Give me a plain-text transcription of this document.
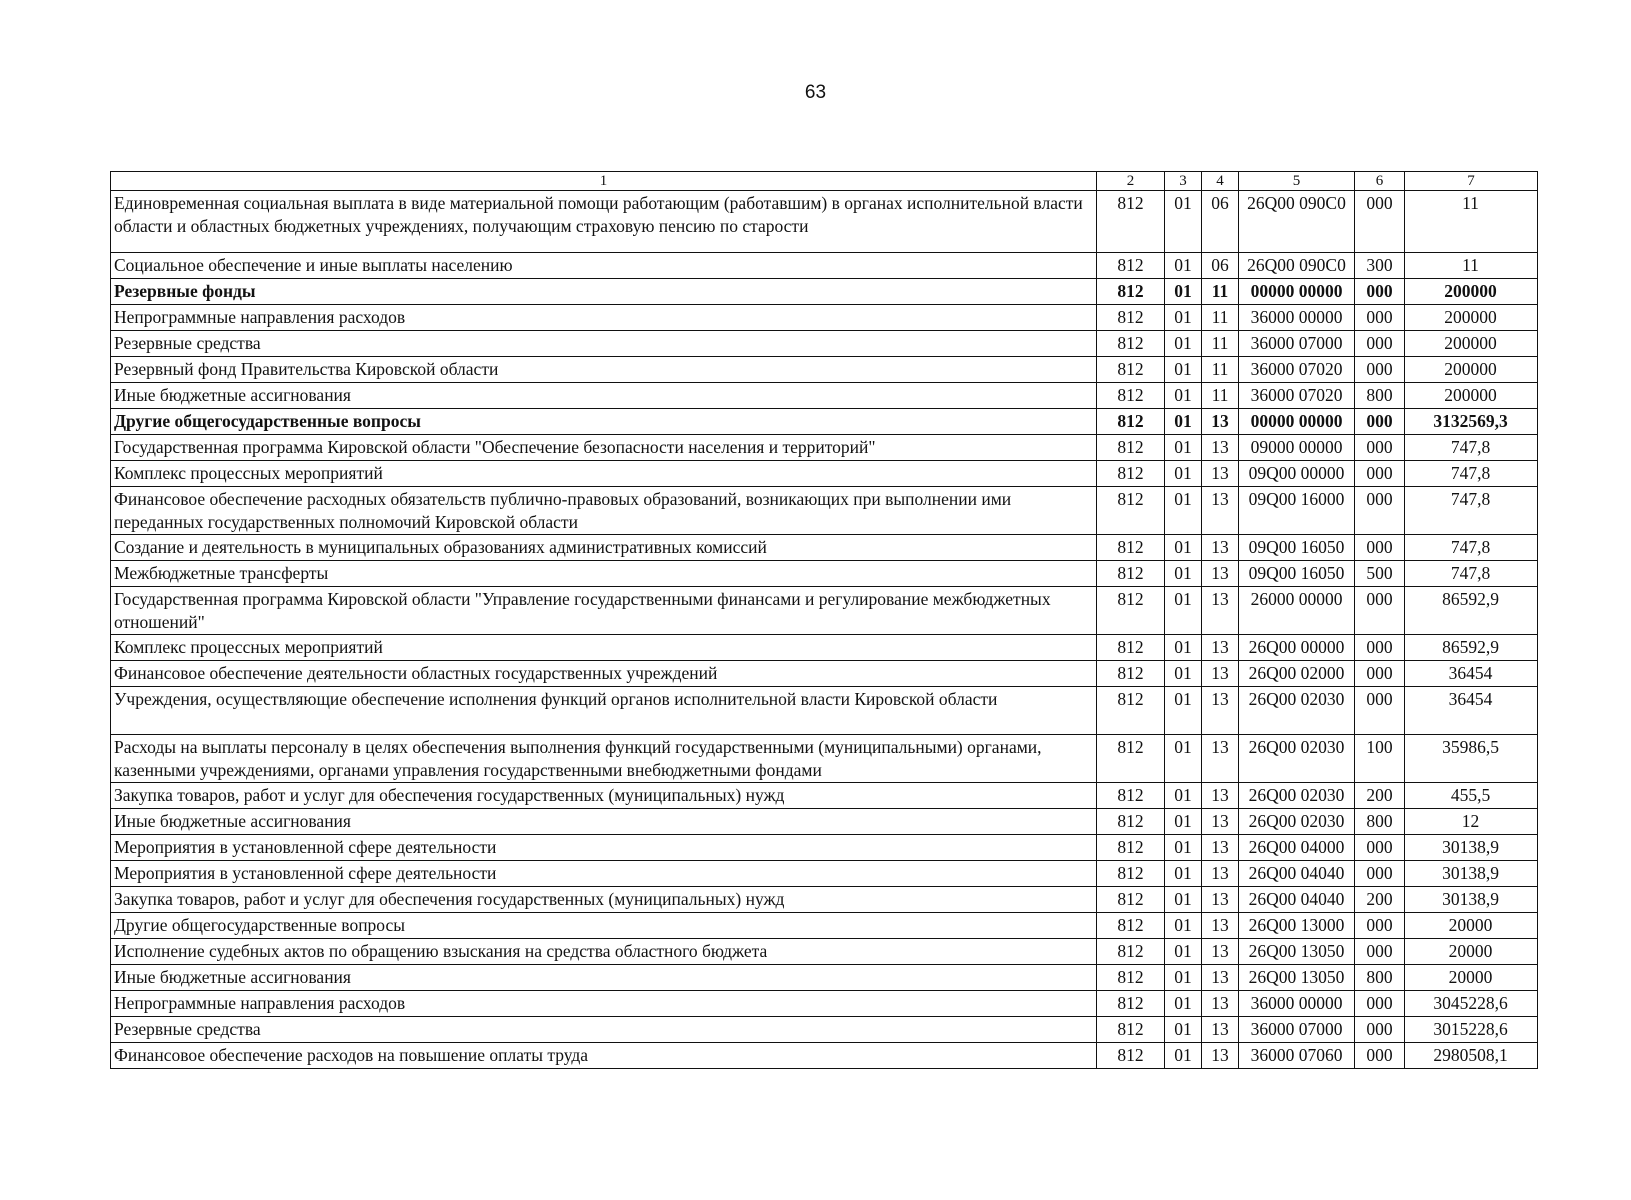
63
1	2	3	4	5	6	7
Единовременная социальная выплата в виде материальной помощи работающим (работавшим) в органах исполнительной власти области и областных бюджетных учреждениях, получающим страховую пенсию по старости	812	01	06	26Q00 090C0	000	11
Социальное обеспечение и иные выплаты населению	812	01	06	26Q00 090C0	300	11
Резервные фонды	812	01	11	00000 00000	000	200000
Непрограммные направления расходов	812	01	11	36000 00000	000	200000
Резервные средства	812	01	11	36000 07000	000	200000
Резервный фонд Правительства Кировской области	812	01	11	36000 07020	000	200000
Иные бюджетные ассигнования	812	01	11	36000 07020	800	200000
Другие общегосударственные вопросы	812	01	13	00000 00000	000	3132569,3
Государственная программа Кировской области "Обеспечение безопасности населения и территорий"	812	01	13	09000 00000	000	747,8
Комплекс процессных мероприятий	812	01	13	09Q00 00000	000	747,8
Финансовое обеспечение расходных обязательств публично-правовых образований, возникающих при выполнении ими переданных государственных полномочий Кировской области	812	01	13	09Q00 16000	000	747,8
Создание и деятельность в муниципальных образованиях административных комиссий	812	01	13	09Q00 16050	000	747,8
Межбюджетные трансферты	812	01	13	09Q00 16050	500	747,8
Государственная программа Кировской области "Управление государственными финансами и регулирование межбюджетных отношений"	812	01	13	26000 00000	000	86592,9
Комплекс процессных мероприятий	812	01	13	26Q00 00000	000	86592,9
Финансовое обеспечение деятельности областных государственных учреждений	812	01	13	26Q00 02000	000	36454
Учреждения, осуществляющие обеспечение исполнения функций органов исполнительной власти Кировской области	812	01	13	26Q00 02030	000	36454
Расходы на выплаты персоналу в целях обеспечения выполнения функций государственными (муниципальными) органами, казенными учреждениями, органами управления государственными внебюджетными фондами	812	01	13	26Q00 02030	100	35986,5
Закупка товаров, работ и услуг для обеспечения государственных (муниципальных) нужд	812	01	13	26Q00 02030	200	455,5
Иные бюджетные ассигнования	812	01	13	26Q00 02030	800	12
Мероприятия в установленной сфере деятельности	812	01	13	26Q00 04000	000	30138,9
Мероприятия в установленной сфере деятельности	812	01	13	26Q00 04040	000	30138,9
Закупка товаров, работ и услуг для обеспечения государственных (муниципальных) нужд	812	01	13	26Q00 04040	200	30138,9
Другие общегосударственные вопросы	812	01	13	26Q00 13000	000	20000
Исполнение судебных актов по обращению взыскания на средства областного бюджета	812	01	13	26Q00 13050	000	20000
Иные бюджетные ассигнования	812	01	13	26Q00 13050	800	20000
Непрограммные направления расходов	812	01	13	36000 00000	000	3045228,6
Резервные средства	812	01	13	36000 07000	000	3015228,6
Финансовое обеспечение расходов на повышение оплаты труда	812	01	13	36000 07060	000	2980508,1
